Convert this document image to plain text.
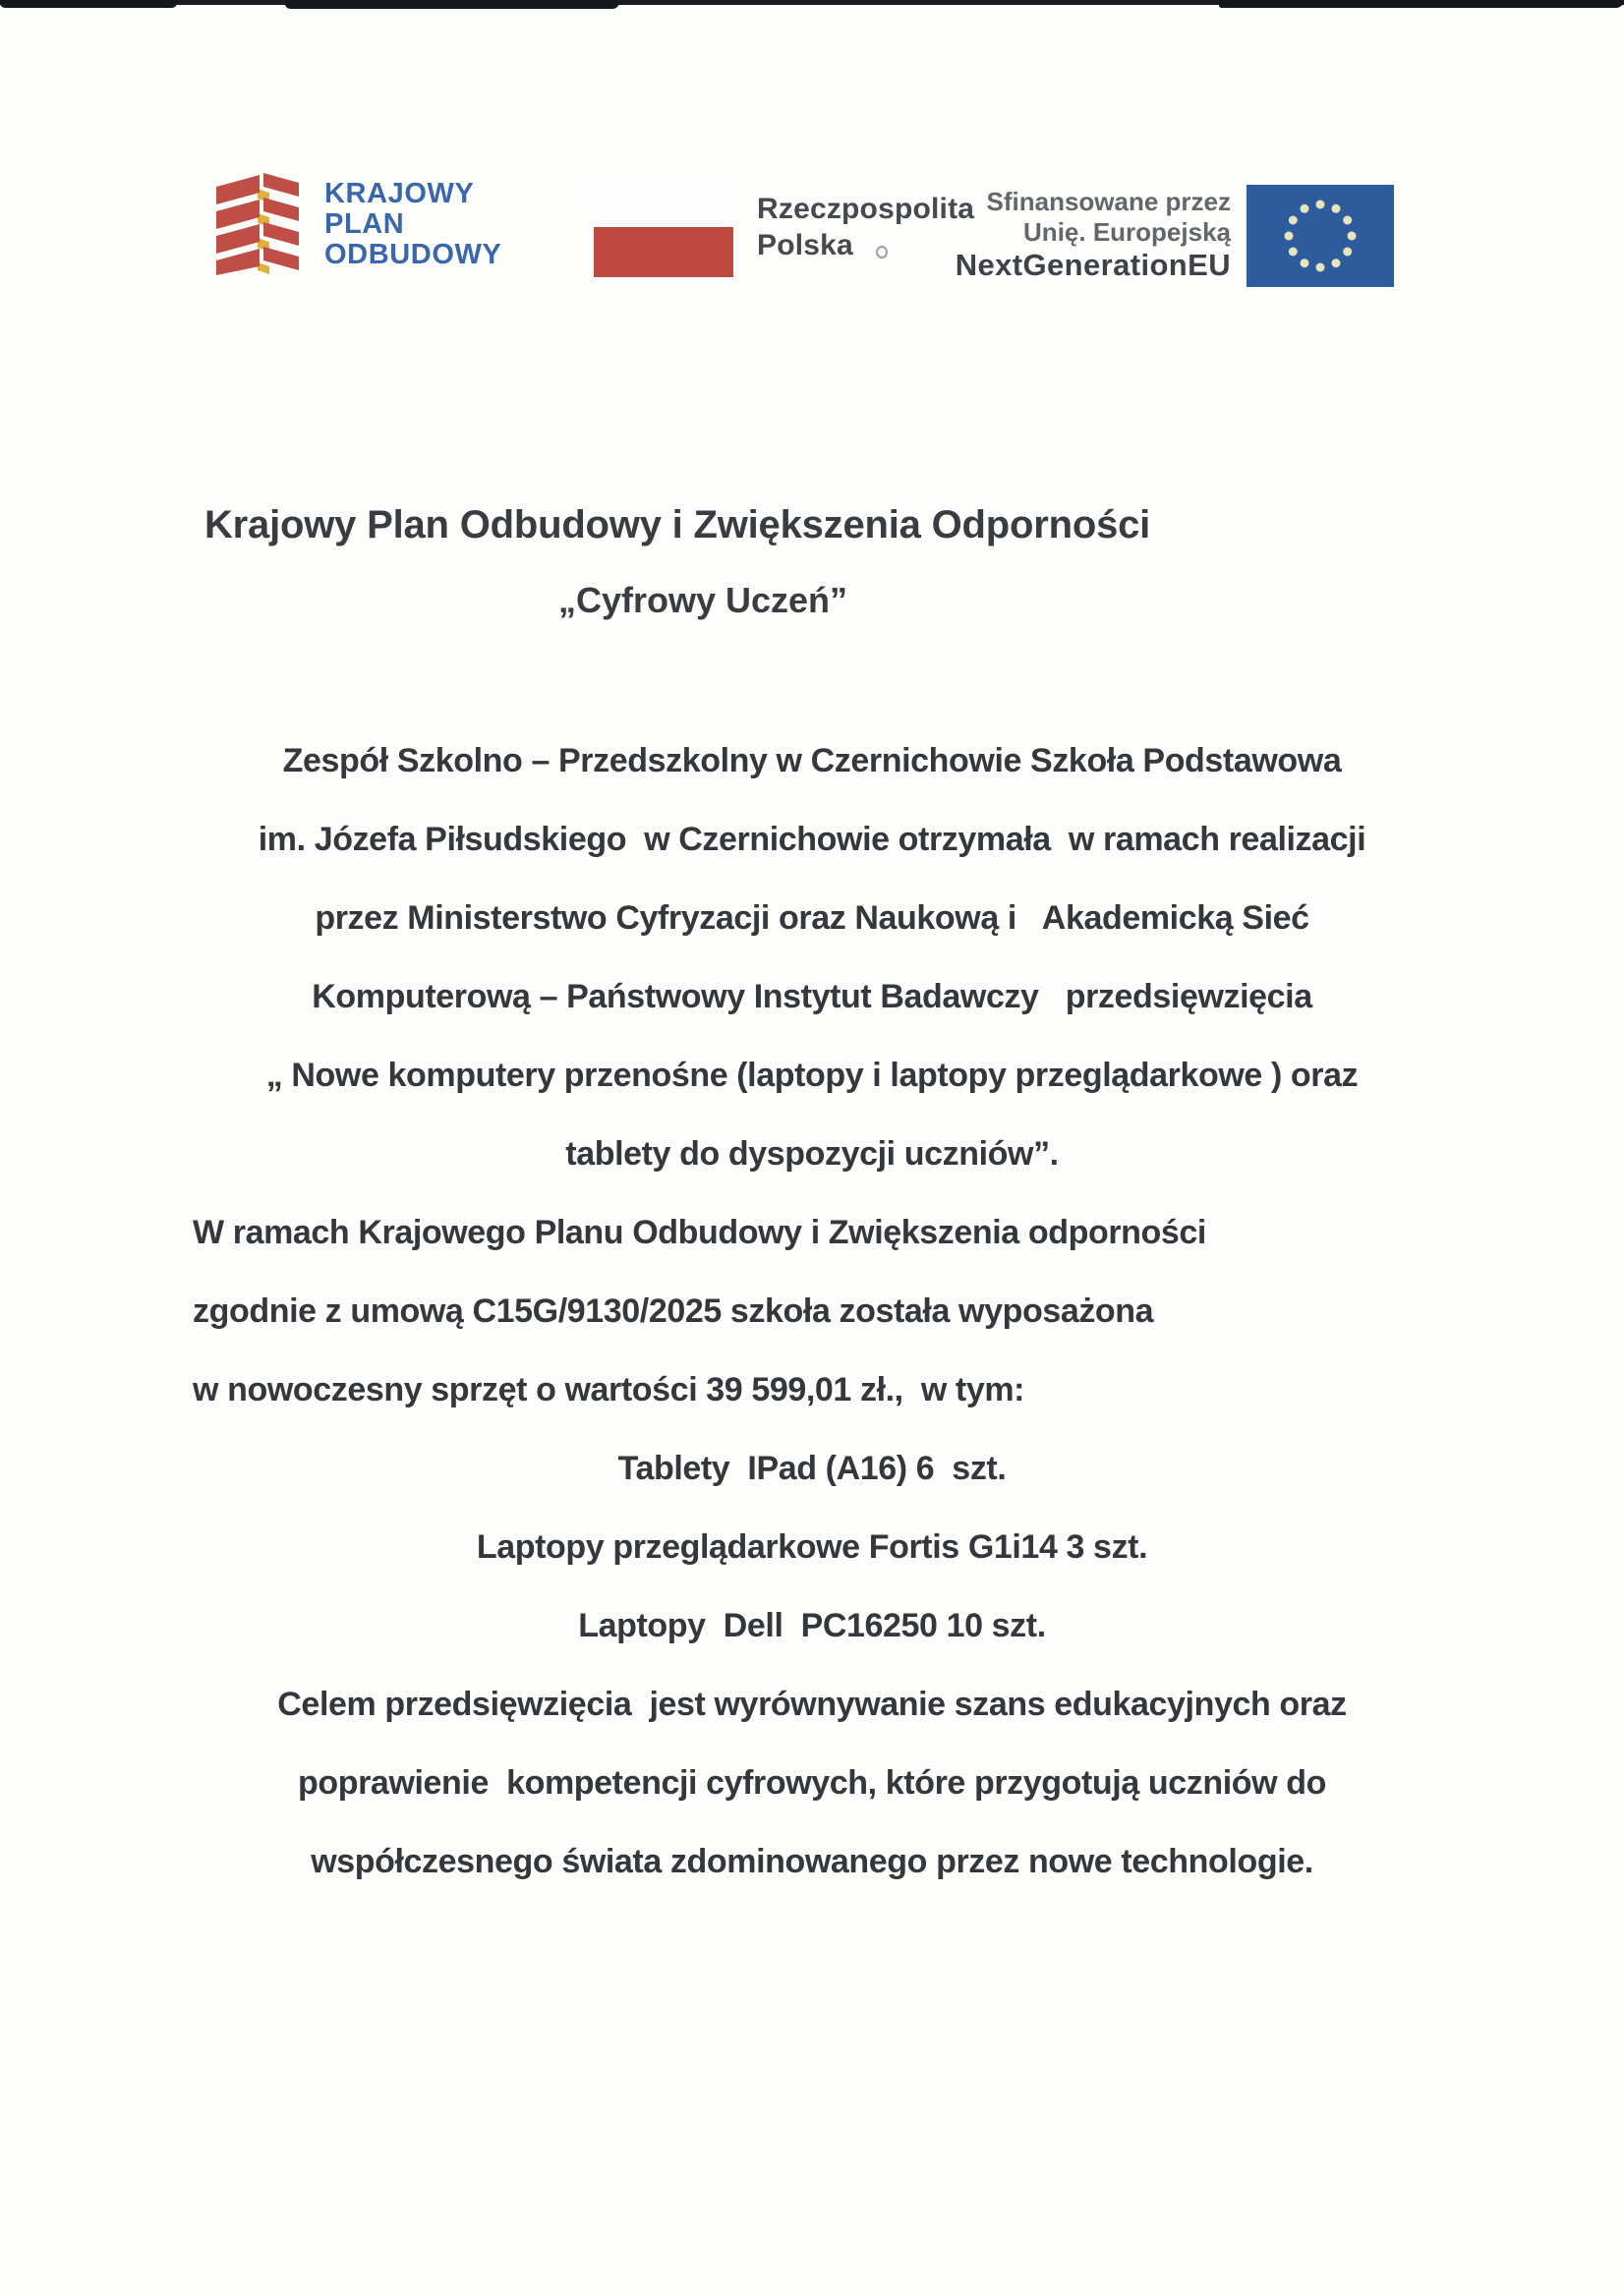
KRAJOWY
PLAN
ODBUDOWY
Rzeczpospolita
Polska
Sfinansowane przez
Unię. Europejską
NextGenerationEU
Krajowy Plan Odbudowy i Zwiększenia Odporności
„Cyfrowy Uczeń”
Zespół Szkolno – Przedszkolny w Czernichowie Szkoła Podstawowa
im. Józefa Piłsudskiego  w Czernichowie otrzymała  w ramach realizacji
przez Ministerstwo Cyfryzacji oraz Naukową i   Akademicką Sieć
Komputerową – Państwowy Instytut Badawczy   przedsięwzięcia
„ Nowe komputery przenośne (laptopy i laptopy przeglądarkowe ) oraz
tablety do dyspozycji uczniów”.
W ramach Krajowego Planu Odbudowy i Zwiększenia odporności
zgodnie z umową C15G/9130/2025 szkoła została wyposażona
w nowoczesny sprzęt o wartości 39 599,01 zł.,  w tym:
Tablety  IPad (A16) 6  szt.
Laptopy przeglądarkowe Fortis G1i14 3 szt.
Laptopy  Dell  PC16250 10 szt.
Celem przedsięwzięcia  jest wyrównywanie szans edukacyjnych oraz
poprawienie  kompetencji cyfrowych, które przygotują uczniów do
współczesnego świata zdominowanego przez nowe technologie.
